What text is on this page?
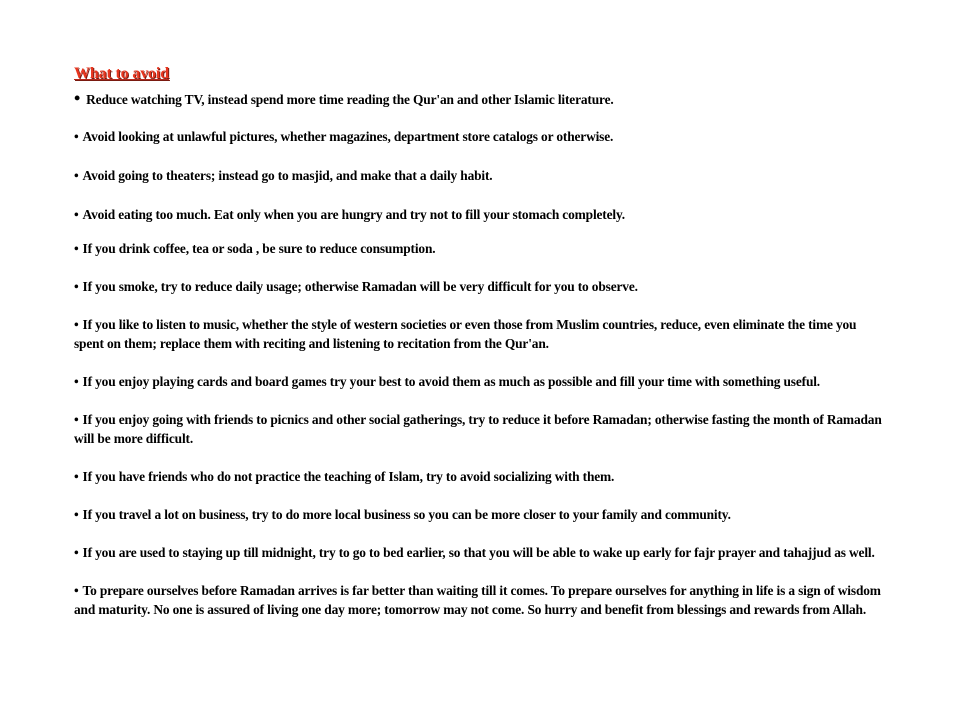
What to avoid

• Reduce watching TV, instead spend more time reading the Qur'an and other Islamic literature.

• Avoid looking at unlawful pictures, whether magazines, department store catalogs or otherwise.

• Avoid going to theaters; instead go to masjid, and make that a daily habit.

• Avoid eating too much. Eat only when you are hungry and try not to fill your stomach completely.

• If you drink coffee, tea or soda , be sure to reduce consumption.

• If you smoke, try to reduce daily usage; otherwise Ramadan will be very difficult for you to observe.

• If you like to listen to music, whether the style of western societies or even those from Muslim countries, reduce, even eliminate the time you spent on them; replace them with reciting and listening to recitation from the Qur'an.

• If you enjoy playing cards and board games try your best to avoid them as much as possible and fill your time with something useful.

• If you enjoy going with friends to picnics and other social gatherings, try to reduce it before Ramadan; otherwise fasting the month of Ramadan will be more difficult.

• If you have friends who do not practice the teaching of Islam, try to avoid socializing with them.

• If you travel a lot on business, try to do more local business so you can be more closer to your family and community.

• If you are used to staying up till midnight, try to go to bed earlier, so that you will be able to wake up early for fajr prayer and tahajjud as well.

• To prepare ourselves before Ramadan arrives is far better than waiting till it comes. To prepare ourselves for anything in life is a sign of wisdom and maturity. No one is assured of living one day more; tomorrow may not come. So hurry and benefit from blessings and rewards from Allah.
